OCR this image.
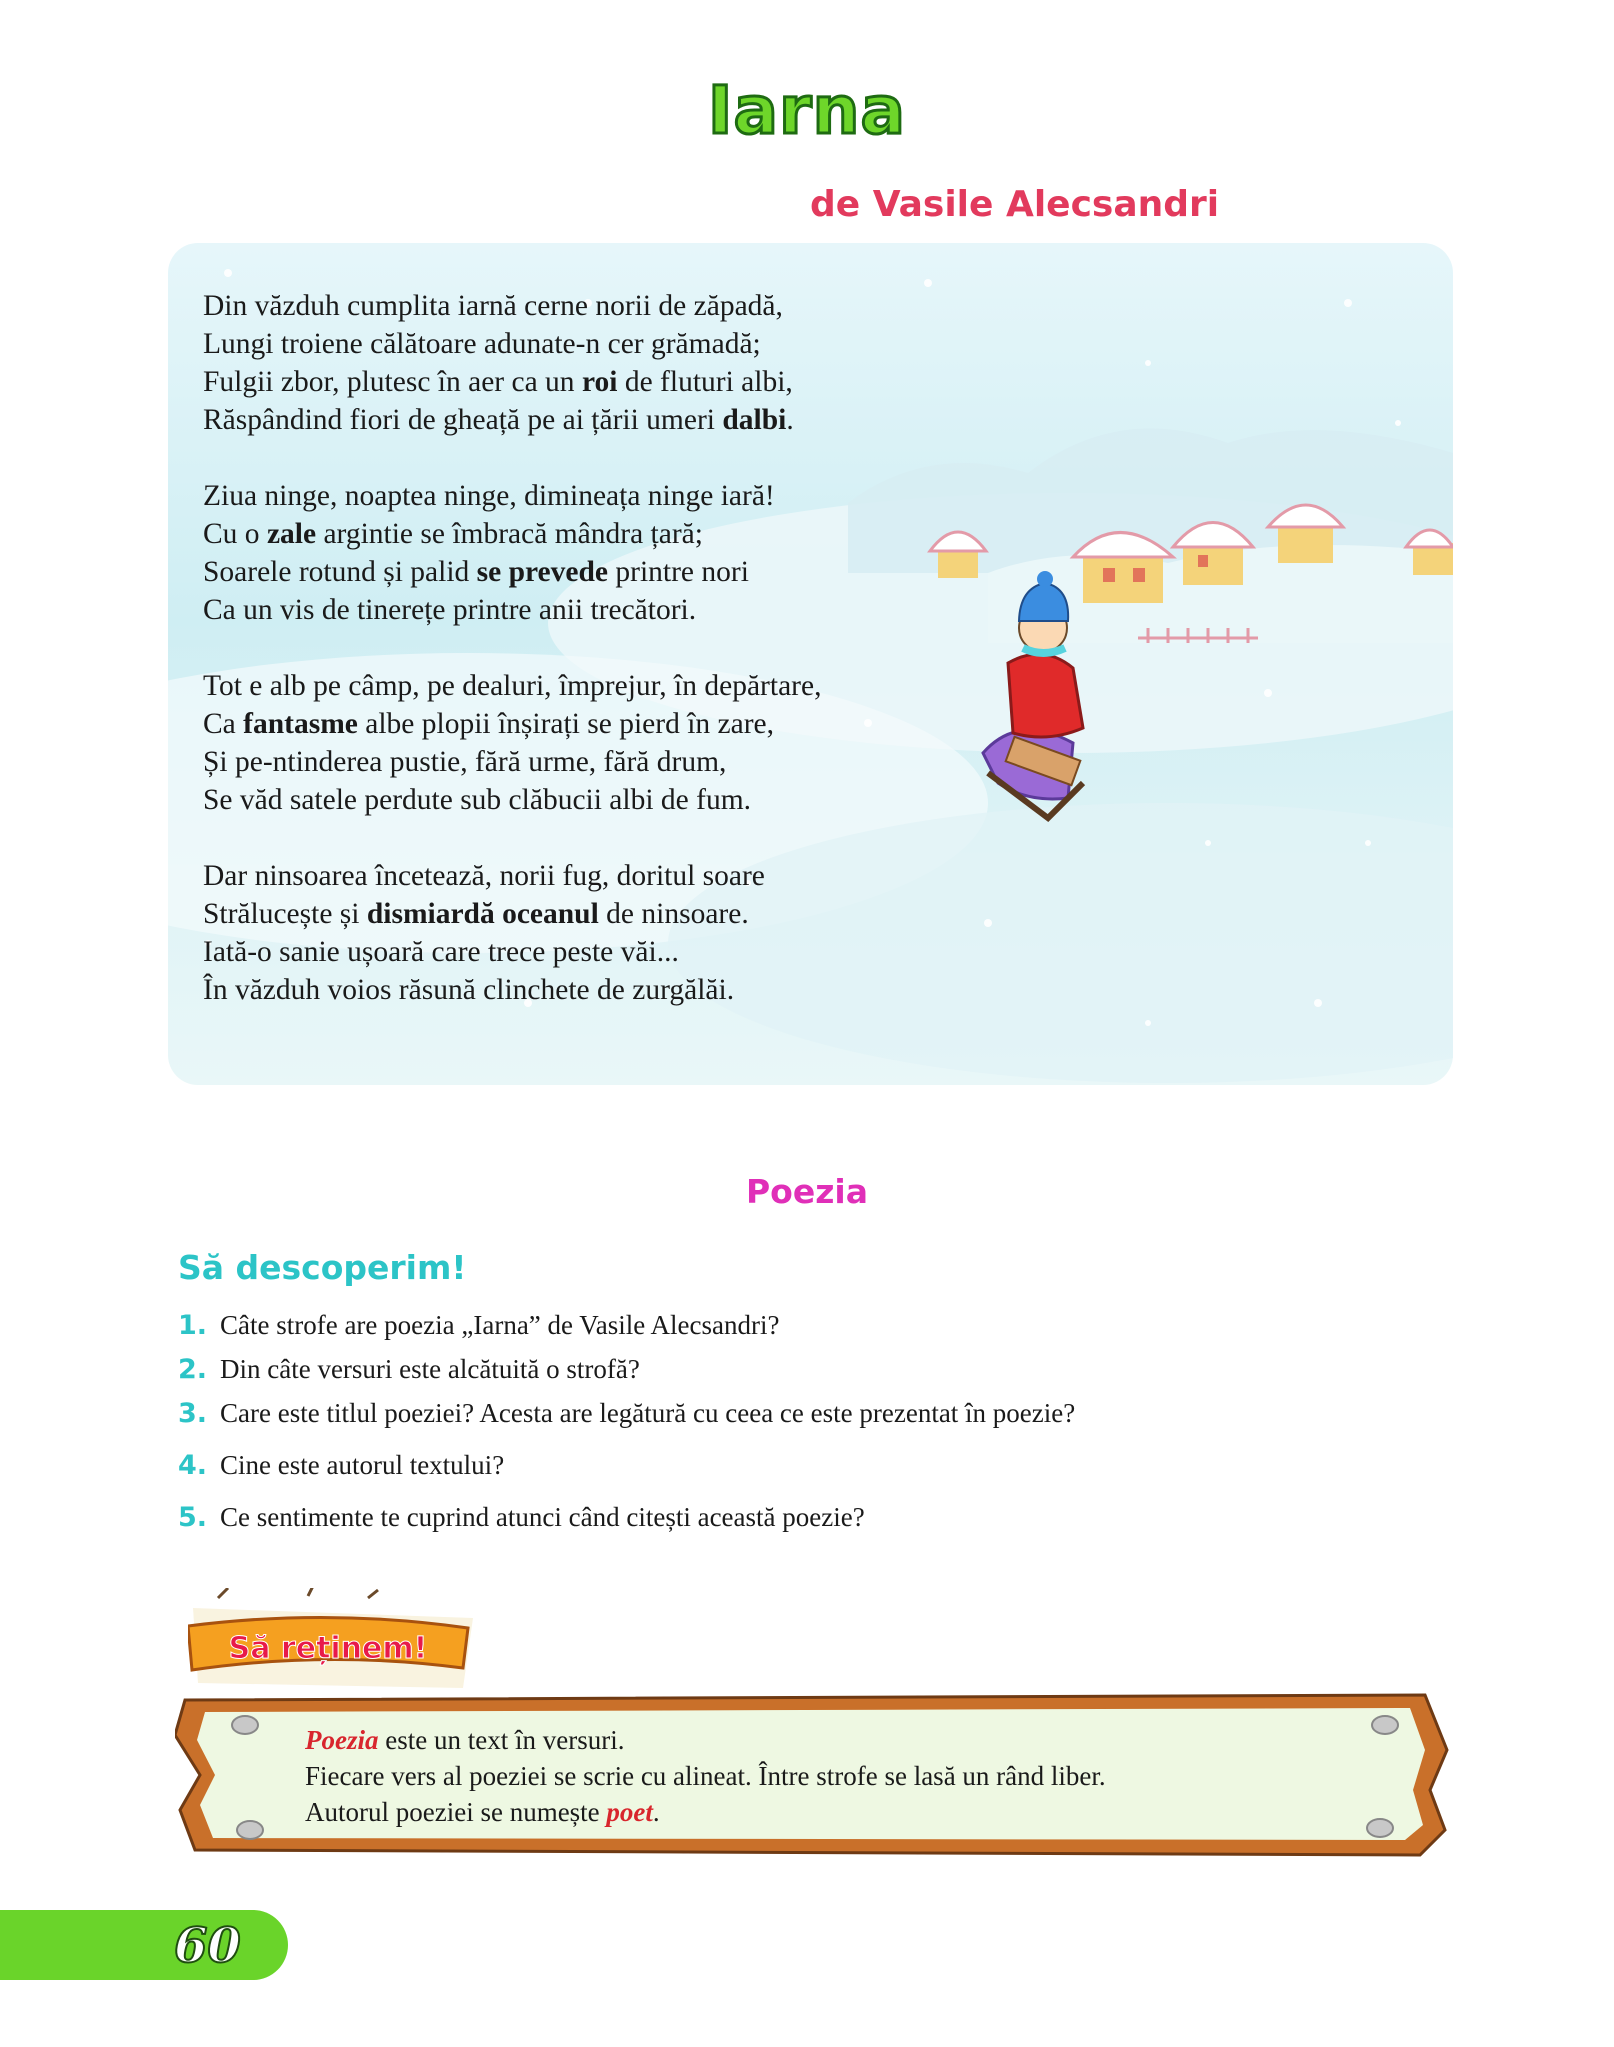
Iarna
de Vasile Alecsandri
Din văzduh cumplita iarnă cerne norii de zăpadă,
Lungi troiene călătoare adunate-n cer grămadă;
Fulgii zbor, plutesc în aer ca un roi de fluturi albi,
Răspândind fiori de gheață pe ai țării umeri dalbi.
Ziua ninge, noaptea ninge, dimineața ninge iară!
Cu o zale argintie se îmbracă mândra țară;
Soarele rotund și palid se prevede printre nori
Ca un vis de tinerețe printre anii trecători.
Tot e alb pe câmp, pe dealuri, împrejur, în depărtare,
Ca fantasme albe plopii înșirați se pierd în zare,
Și pe-ntinderea pustie, fără urme, fără drum,
Se văd satele perdute sub clăbucii albi de fum.
Dar ninsoarea încetează, norii fug, doritul soare
Strălucește și dismiardă oceanul de ninsoare.
Iată-o sanie ușoară care trece peste văi...
În văzduh voios răsună clinchete de zurgălăi.
Poezia
Să descoperim!
1. Câte strofe are poezia „Iarna” de Vasile Alecsandri?
2. Din câte versuri este alcătuită o strofă?
3. Care este titlul poeziei? Acesta are legătură cu ceea ce este prezentat în poezie?
4. Cine este autorul textului?
5. Ce sentimente te cuprind atunci când citești această poezie?
Să reținem!
Poezia este un text în versuri.
Fiecare vers al poeziei se scrie cu alineat. Între strofe se lasă un rând liber.
Autorul poeziei se numește poet.
60
